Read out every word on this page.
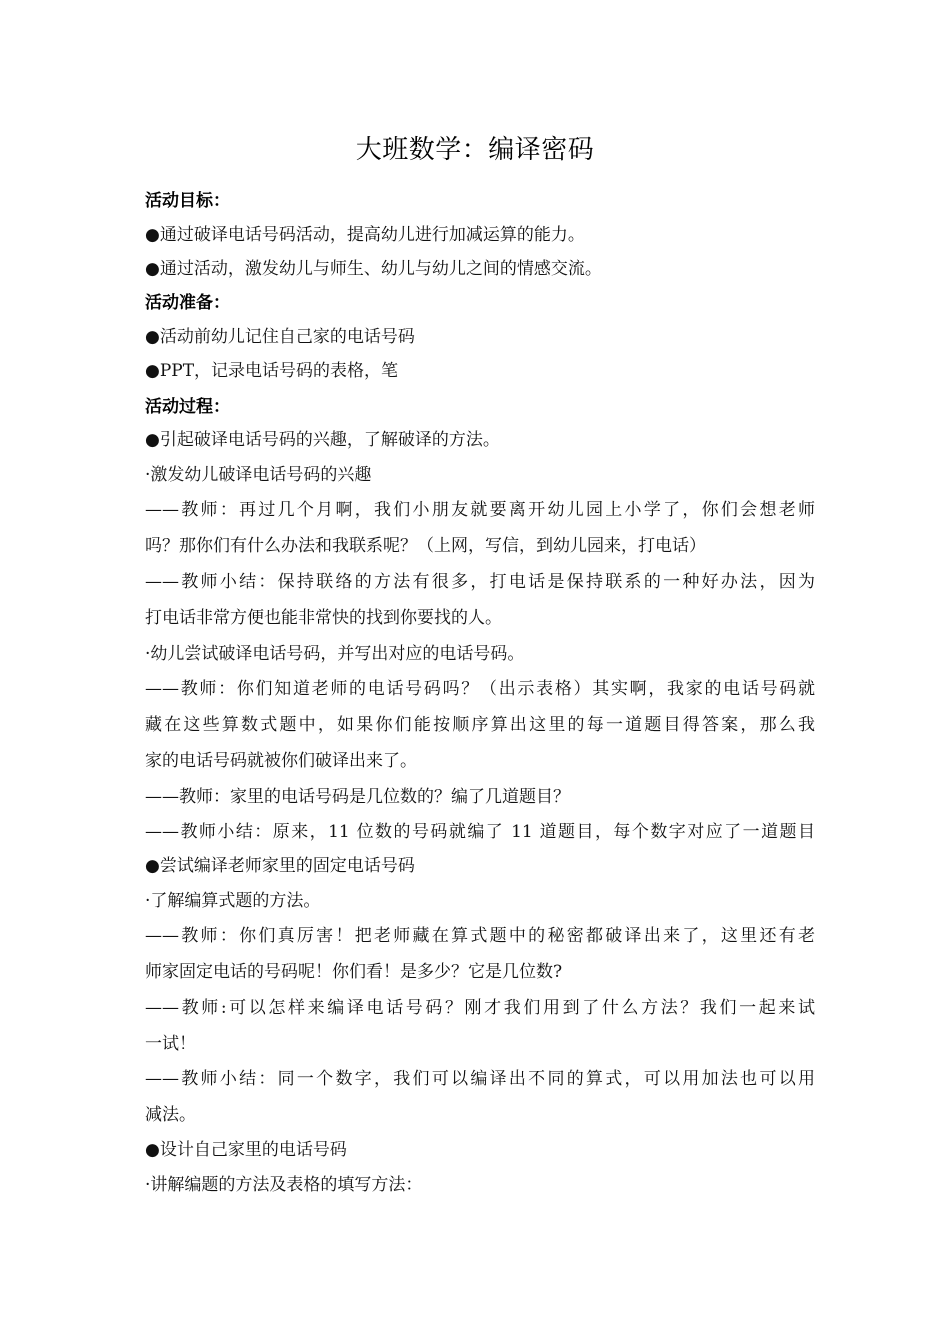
大班数学：编译密码
活动目标：
●通过破译电话号码活动，提高幼儿进行加减运算的能力。
●通过活动，激发幼儿与师生、幼儿与幼儿之间的情感交流。
活动准备：
●活动前幼儿记住自己家的电话号码
●PPT，记录电话号码的表格，笔
活动过程：
●引起破译电话号码的兴趣，了解破译的方法。
·激发幼儿破译电话号码的兴趣
——教师：再过几个月啊，我们小朋友就要离开幼儿园上小学了，你们会想老师
吗？那你们有什么办法和我联系呢？（上网，写信，到幼儿园来，打电话）
——教师小结：保持联络的方法有很多，打电话是保持联系的一种好办法，因为
打电话非常方便也能非常快的找到你要找的人。
·幼儿尝试破译电话号码，并写出对应的电话号码。
——教师：你们知道老师的电话号码吗？（出示表格）其实啊，我家的电话号码就
藏在这些算数式题中，如果你们能按顺序算出这里的每一道题目得答案，那么我
家的电话号码就被你们破译出来了。
——教师：家里的电话号码是几位数的？编了几道题目？
——教师小结：原来，11 位数的号码就编了 11 道题目，每个数字对应了一道题目
●尝试编译老师家里的固定电话号码
·了解编算式题的方法。
——教师：你们真厉害！把老师藏在算式题中的秘密都破译出来了，这里还有老
师家固定电话的号码呢！你们看！是多少？它是几位数?
——教师:可以怎样来编译电话号码？刚才我们用到了什么方法？我们一起来试
一试！
——教师小结：同一个数字，我们可以编译出不同的算式，可以用加法也可以用
减法。
●设计自己家里的电话号码
·讲解编题的方法及表格的填写方法：
